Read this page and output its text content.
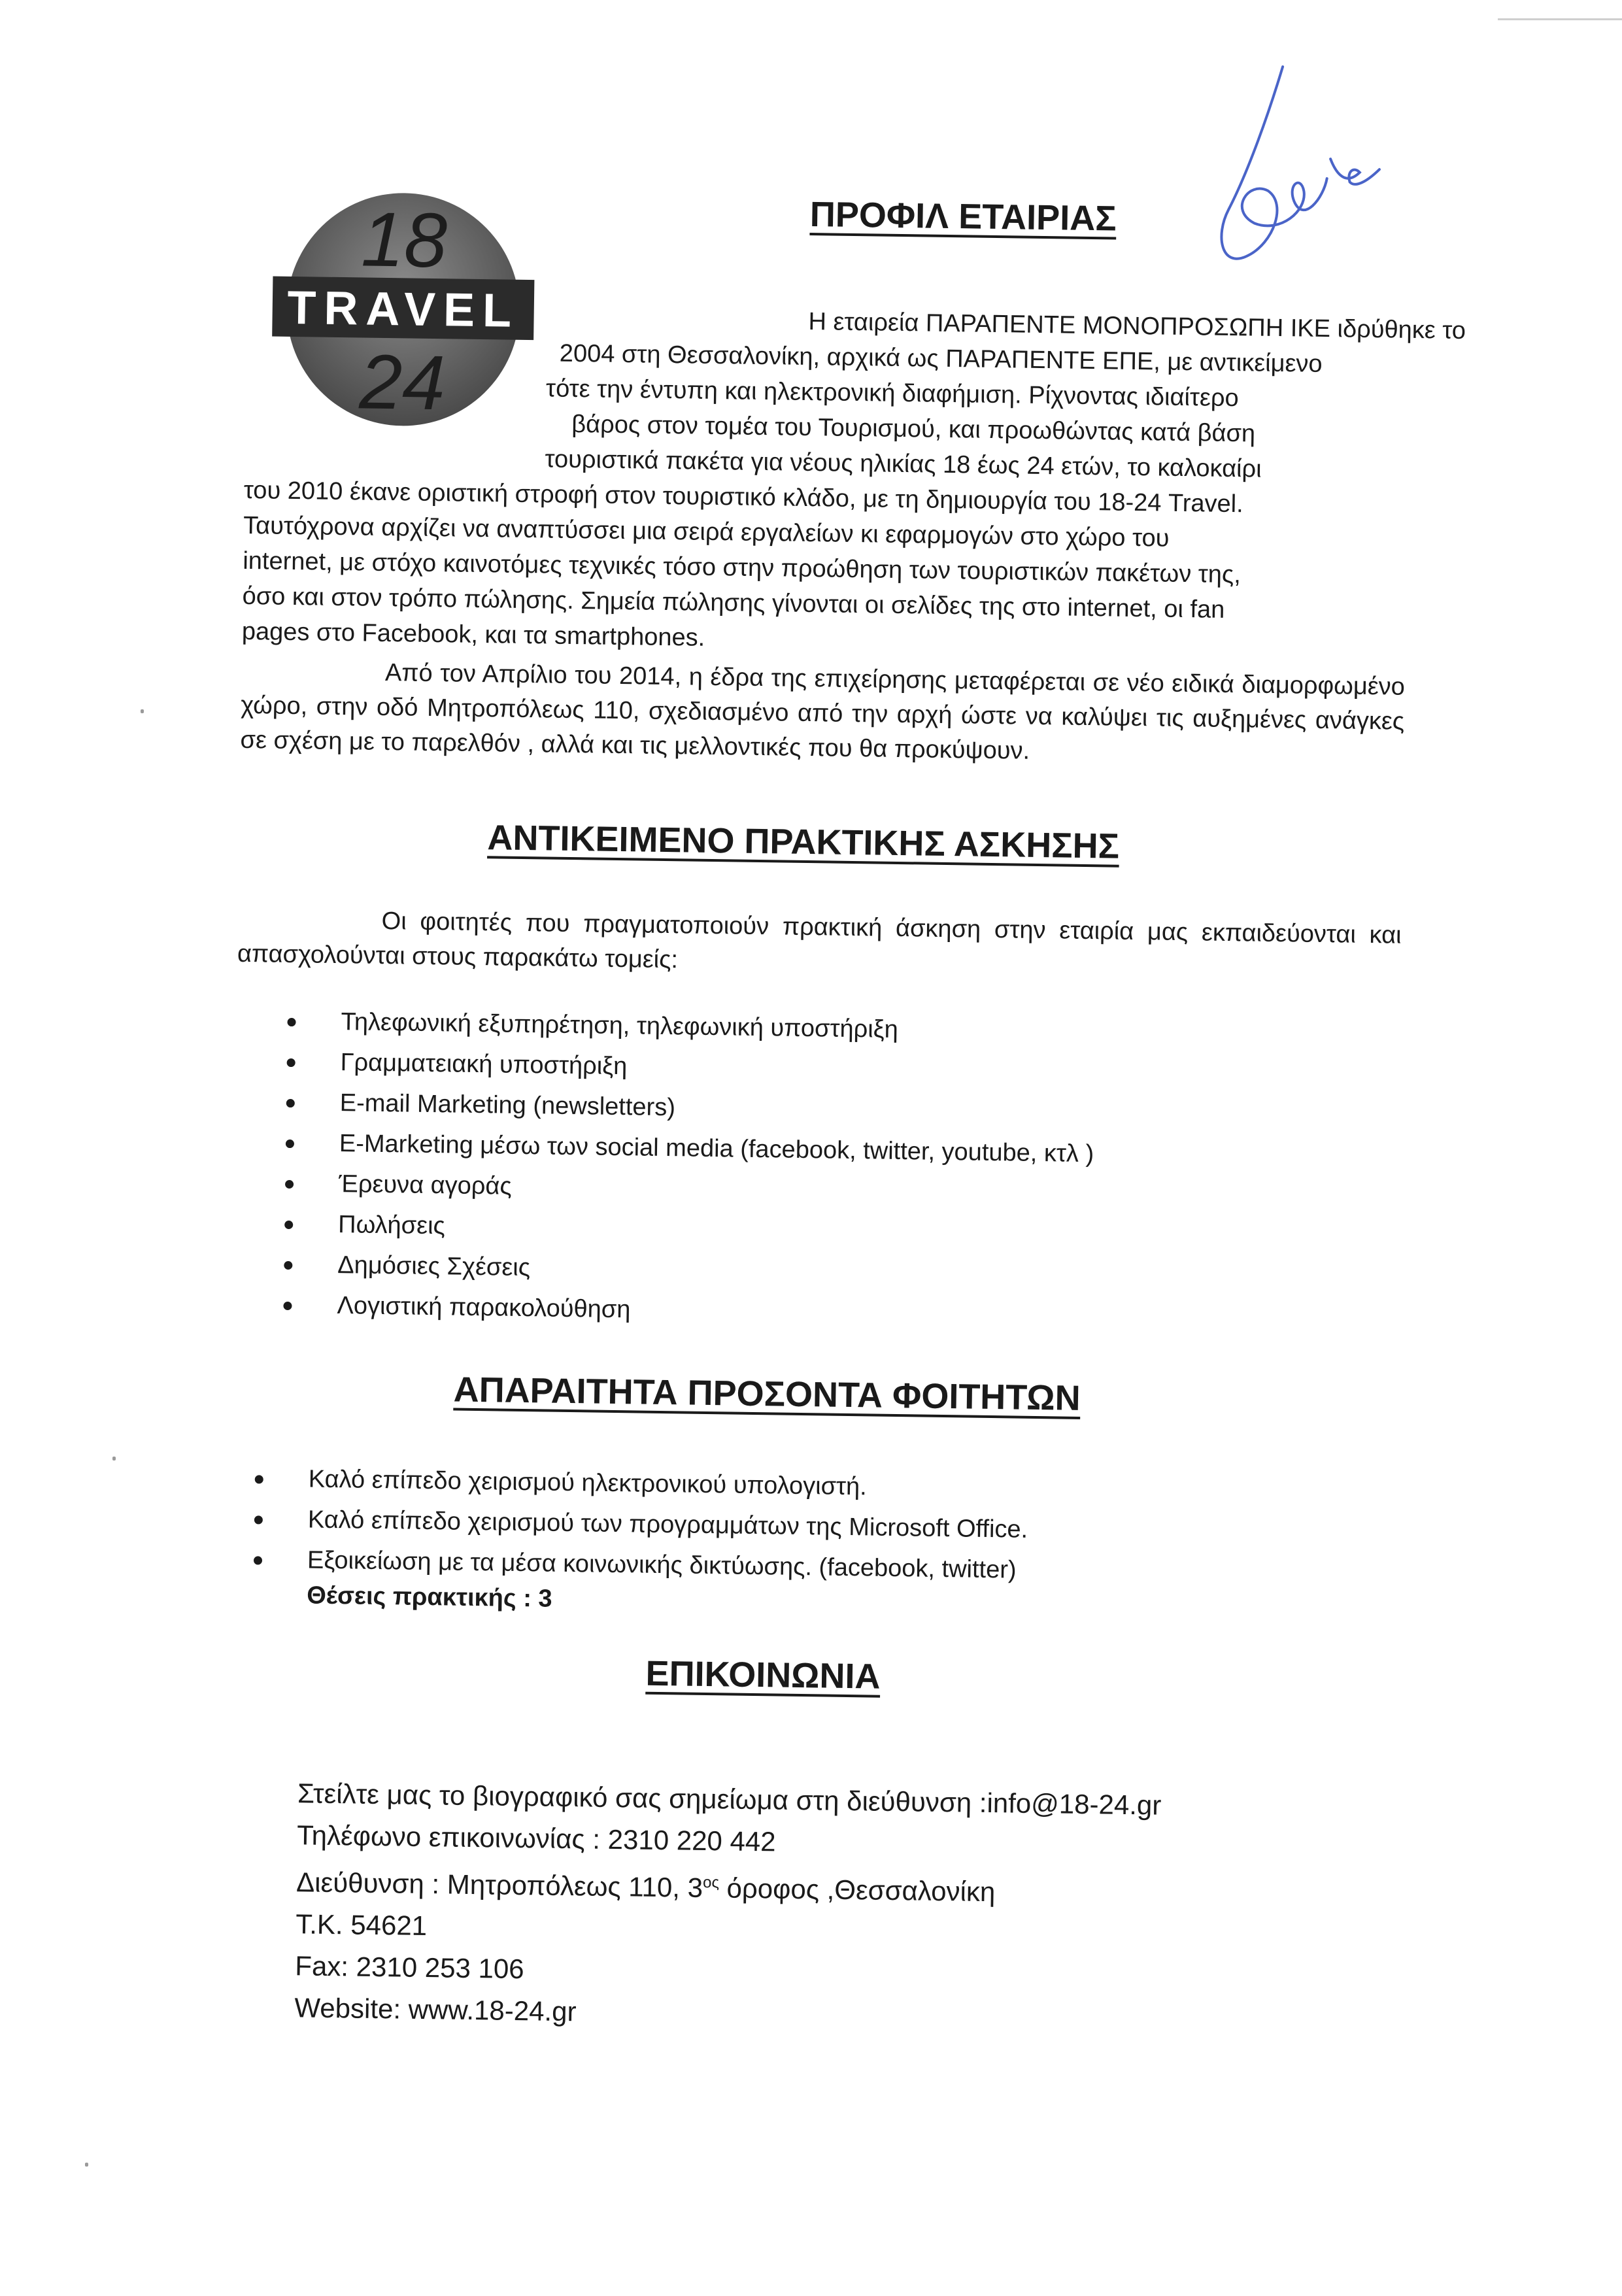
18
TRAVEL
24
ΠΡΟΦΙΛ ΕΤΑΙΡΙΑΣ
Η εταιρεία ΠΑΡΑΠΕΝΤΕ ΜΟΝΟΠΡΟΣΩΠΗ ΙΚΕ ιδρύθηκε το
2004 στη Θεσσαλονίκη, αρχικά ως ΠΑΡΑΠΕΝΤΕ ΕΠΕ, με αντικείμενο
τότε την έντυπη και ηλεκτρονική διαφήμιση. Ρίχνοντας ιδιαίτερο
βάρος στον τομέα του Τουρισμού, και προωθώντας κατά βάση
τουριστικά πακέτα για νέους ηλικίας 18 έως 24 ετών, το καλοκαίρι
του 2010 έκανε οριστική στροφή στον τουριστικό κλάδο, με τη δημιουργία του 18-24 Travel.
Ταυτόχρονα αρχίζει να αναπτύσσει μια σειρά εργαλείων κι εφαρμογών στο χώρο του
internet, με στόχο καινοτόμες τεχνικές τόσο στην προώθηση των τουριστικών πακέτων της,
όσο και στον τρόπο πώλησης. Σημεία πώλησης γίνονται οι σελίδες της στο internet, οι fan
pages στο Facebook, και τα smartphones.

Από τον Απρίλιο του 2014, η έδρα της επιχείρησης μεταφέρεται σε νέο ειδικά διαμορφωμένο χώρο, στην οδό Μητροπόλεως 110, σχεδιασμένο από την αρχή ώστε να καλύψει τις αυξημένες ανάγκες σε σχέση με το παρελθόν , αλλά και τις μελλοντικές που θα προκύψουν.

ΑΝΤΙΚΕΙΜΕΝΟ ΠΡΑΚΤΙΚΗΣ ΑΣΚΗΣΗΣ

Οι φοιτητές που πραγματοποιούν πρακτική άσκηση στην εταιρία μας εκπαιδεύονται και απασχολούνται στους παρακάτω τομείς:

Τηλεφωνική εξυπηρέτηση, τηλεφωνική υποστήριξη
Γραμματειακή υποστήριξη
E-mail Marketing (newsletters)
E-Marketing μέσω των social media (facebook, twitter, youtube, κτλ )
Έρευνα αγοράς
Πωλήσεις
Δημόσιες Σχέσεις
Λογιστική παρακολούθηση
ΑΠΑΡΑΙΤΗΤΑ ΠΡΟΣΟΝΤΑ ΦΟΙΤΗΤΩΝ
Καλό επίπεδο χειρισμού ηλεκτρονικού υπολογιστή.
Καλό επίπεδο χειρισμού των προγραμμάτων της Microsoft Office.
Εξοικείωση με τα μέσα κοινωνικής δικτύωσης. (facebook, twitter)
Θέσεις πρακτικής : 3
ΕΠΙΚΟΙΝΩΝΙΑ
Στείλτε μας το βιογραφικό σας σημείωμα στη διεύθυνση :info@18-24.gr
Τηλέφωνο επικοινωνίας : 2310 220 442
Διεύθυνση : Μητροπόλεως 110, $3^{o\varsigma}$ όροφος ,Θεσσαλονίκη
Τ.Κ. 54621
Fax: 2310 253 106
Website: www.18-24.gr
